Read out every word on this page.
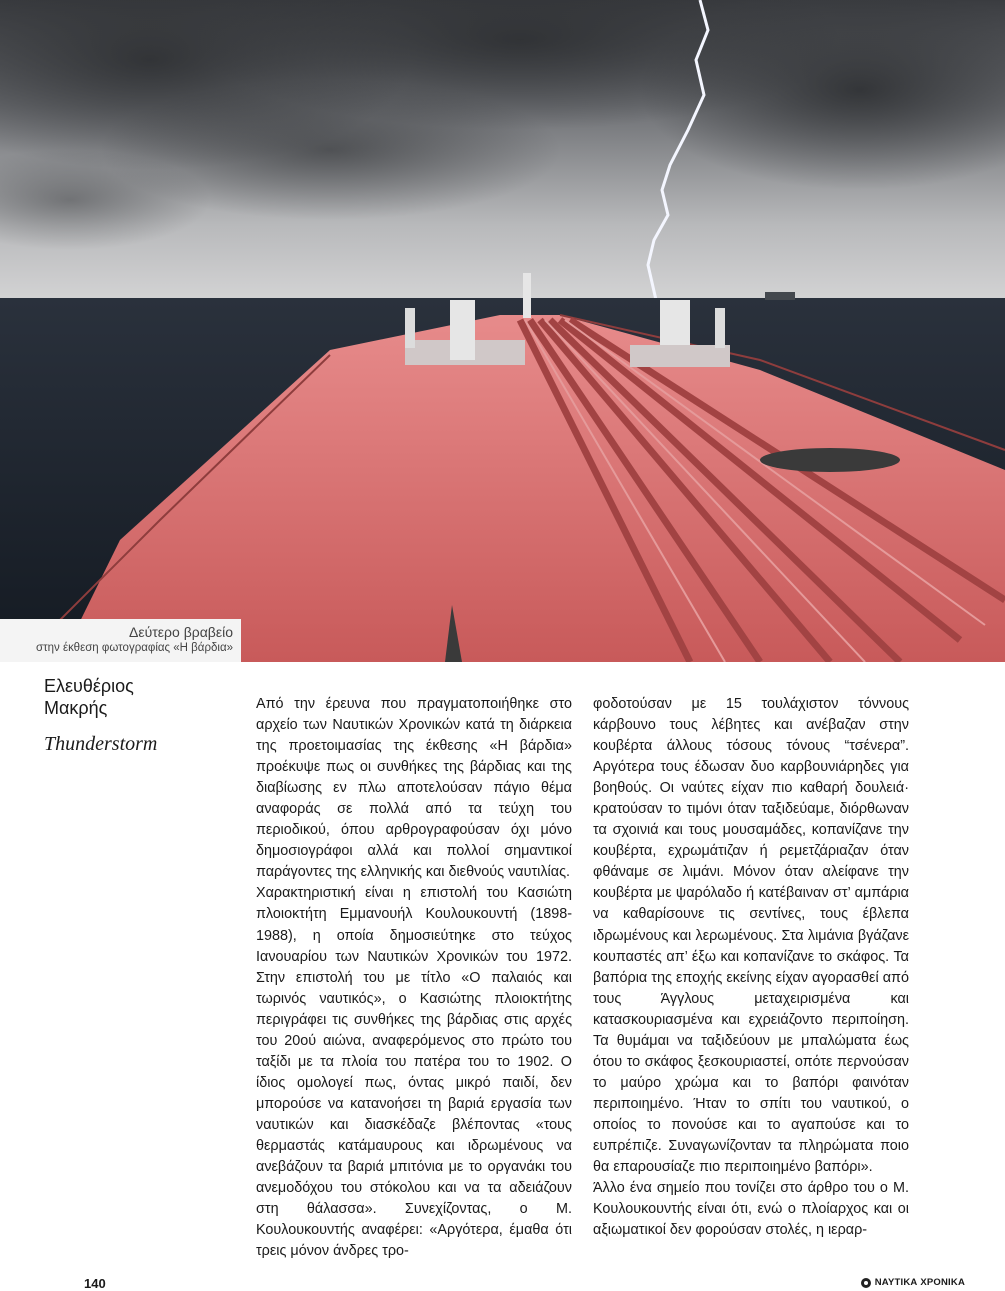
Δεύτερο βραβείο
στην έκθεση φωτογραφίας «Η βάρδια»
Ελευθέριος
Μακρής
Thunderstorm

Από την έρευνα που πραγματοποιήθηκε στο αρχείο των Ναυτικών Χρονικών κατά τη διάρκεια της προετοιμασίας της έκθεσης «Η βάρδια» προέκυψε πως οι συνθήκες της βάρδιας και της διαβίωσης εν πλω αποτελούσαν πάγιο θέμα αναφοράς σε πολλά από τα τεύχη του περιοδικού, όπου αρθρογραφούσαν όχι μόνο δημοσιογράφοι αλλά και πολλοί σημαντικοί παράγοντες της ελληνικής και διεθνούς ναυτιλίας.

Χαρακτηριστική είναι η επιστολή του Κασιώτη πλοιοκτήτη Εμμανουήλ Κουλουκουντή (1898-1988), η οποία δημοσιεύτηκε στο τεύχος Ιανουαρίου των Ναυτικών Χρονικών του 1972. Στην επιστολή του με τίτλο «Ο παλαιός και τωρινός ναυτικός», ο Κασιώτης πλοιοκτήτης περιγράφει τις συνθήκες της βάρδιας στις αρχές του 20ού αιώνα, αναφερόμενος στο πρώτο του ταξίδι με τα πλοία του πατέρα του το 1902. Ο ίδιος ομολογεί πως, όντας μικρό παιδί, δεν μπορούσε να κατανοήσει τη βαριά εργασία των ναυτικών και διασκέδαζε βλέποντας «τους θερμαστάς κατάμαυρους και ιδρωμένους να ανεβάζουν τα βαριά μπιτόνια με το οργανάκι του ανεμοδόχου του στόκολου και να τα αδειάζουν στη θάλασσα». Συνεχίζοντας, ο Μ. Κουλουκουντής αναφέρει: «Αργότερα, έμαθα ότι τρεις μόνον άνδρες τρο-

φοδοτούσαν με 15 τουλάχιστον τόννους κάρβουνο τους λέβητες και ανέβαζαν στην κουβέρτα άλλους τόσους τόνους “τσένερα”. Αργότερα τους έδωσαν δυο καρβουνιάρηδες για βοηθούς. Οι ναύτες είχαν πιο καθαρή δουλειά· κρατούσαν το τιμόνι όταν ταξιδεύαμε, διόρθωναν τα σχοινιά και τους μουσαμάδες, κοπανίζανε την κουβέρτα, εχρωμάτιζαν ή ρεμετζάριαζαν όταν φθάναμε σε λιμάνι. Μόνον όταν αλείφανε την κουβέρτα με ψαρόλαδο ή κατέβαιναν στ’ αμπάρια να καθαρίσουνε τις σεντίνες, τους έβλεπα ιδρωμένους και λερωμένους. Στα λιμάνια βγάζανε κουπαστές απ’ έξω και κοπανίζανε το σκάφος. Τα βαπόρια της εποχής εκείνης είχαν αγορασθεί από τους Άγγλους μεταχειρισμένα και κατασκουριασμένα και εχρειάζοντο περιποίηση. Τα θυμάμαι να ταξιδεύουν με μπαλώματα έως ότου το σκάφος ξεσκουριαστεί, οπότε περνούσαν το μαύρο χρώμα και το βαπόρι φαινόταν περιποιημένο. Ήταν το σπίτι του ναυτικού, ο οποίος το πονούσε και το αγαπούσε και το ευπρέπιζε. Συναγωνίζονταν τα πληρώματα ποιο θα επαρουσίαζε πιο περιποιημένο βαπόρι».

Άλλο ένα σημείο που τονίζει στο άρθρο του ο Μ. Κουλουκουντής είναι ότι, ενώ ο πλοίαρχος και οι αξιωματικοί δεν φορούσαν στολές, η ιεραρ-

140	ΝΑΥΤΙΚΑ ΧΡΟΝΙΚΑ
